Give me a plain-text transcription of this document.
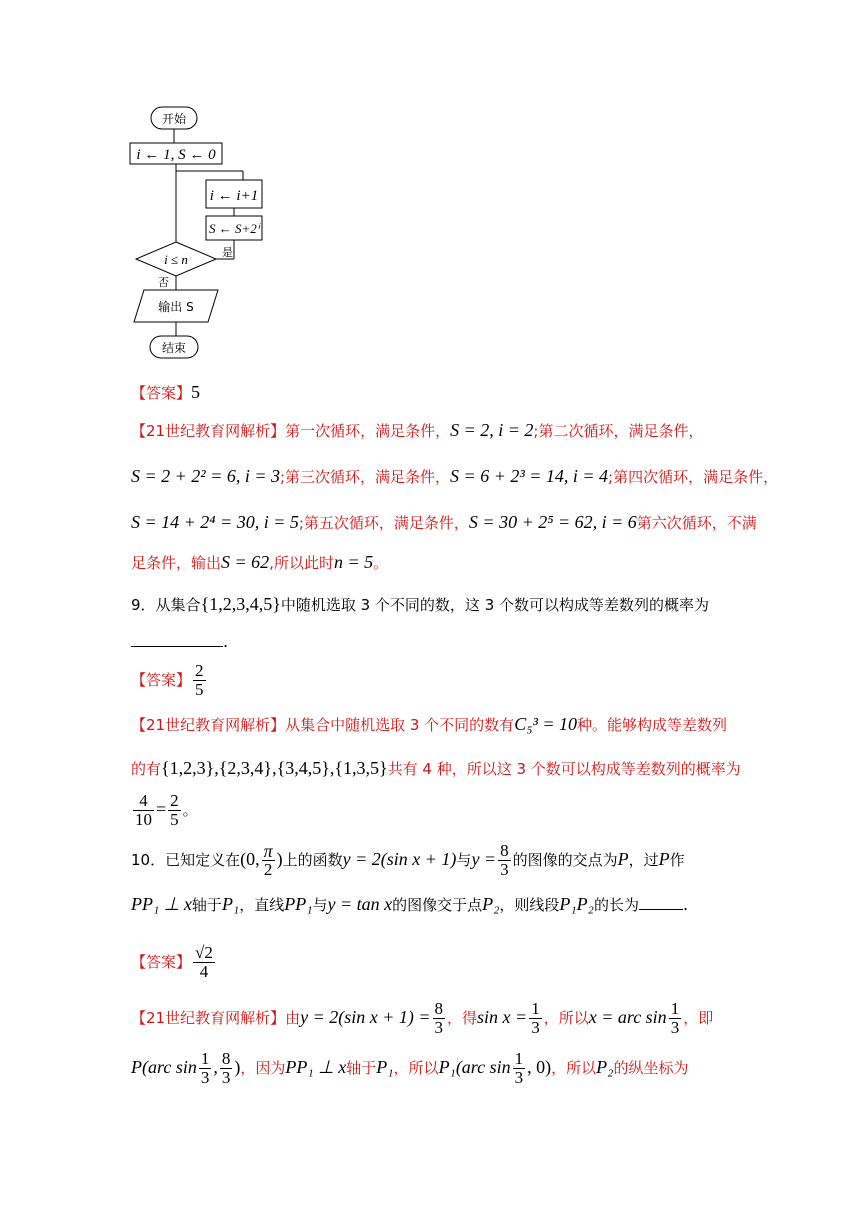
开始
i ← 1, S ← 0
i ← i+1
S ← S+2ⁱ
i ≤ n	是
否
输出 S
结束
【答案】5
【21世纪教育网解析】第一次循环，满足条件，S = 2, i = 2;第二次循环，满足条件，
S = 2 + 2² = 6, i = 3;第三次循环，满足条件，S = 6 + 2³ = 14, i = 4;第四次循环，满足条件，
S = 14 + 2⁴ = 30, i = 5;第五次循环，满足条件，S = 30 + 2⁵ = 62, i = 6第六次循环，不满
足条件，输出S = 62,所以此时n = 5。
9．从集合{1,2,3,4,5}中随机选取 3 个不同的数，这 3 个数可以构成等差数列的概率为
.
【答案】 $\frac{2}{5}$
【21世纪教育网解析】从集合中随机选取 3 个不同的数有C₅³ = 10种。能够构成等差数列
的有{1,2,3},{2,3,4},{3,4,5},{1,3,5}共有 4 种，所以这 3 个数可以构成等差数列的概率为
$\frac{4}{10} = \frac{2}{5}$ 。
10．已知定义在(0, $\frac{\pi}{2}$ )上的函数y = 2(sin x + 1)与$y = \frac{8}{3}$ 的图像的交点为P，过P作
PP₁ ⊥ x轴于P₁，直线PP₁与y = tan x的图像交于点P₂，则线段P₁P₂的长为	.
【答案】 $\frac{√2}{4}$
【21世纪教育网解析】由y = 2(sin $x + 1) = \frac{8}{3}$ ，得$\sin x = \frac{1}{3}$ ，所以x = arc $\sin \frac{1}{3}$ ，即
P(arc $\sin \frac{1}{3}$ , $\frac{8}{3}$ )，因为PP₁ ⊥ x轴于P₁，所以P₁(arc $\sin \frac{1}{3}$ , 0)，所以P₂的纵坐标为
